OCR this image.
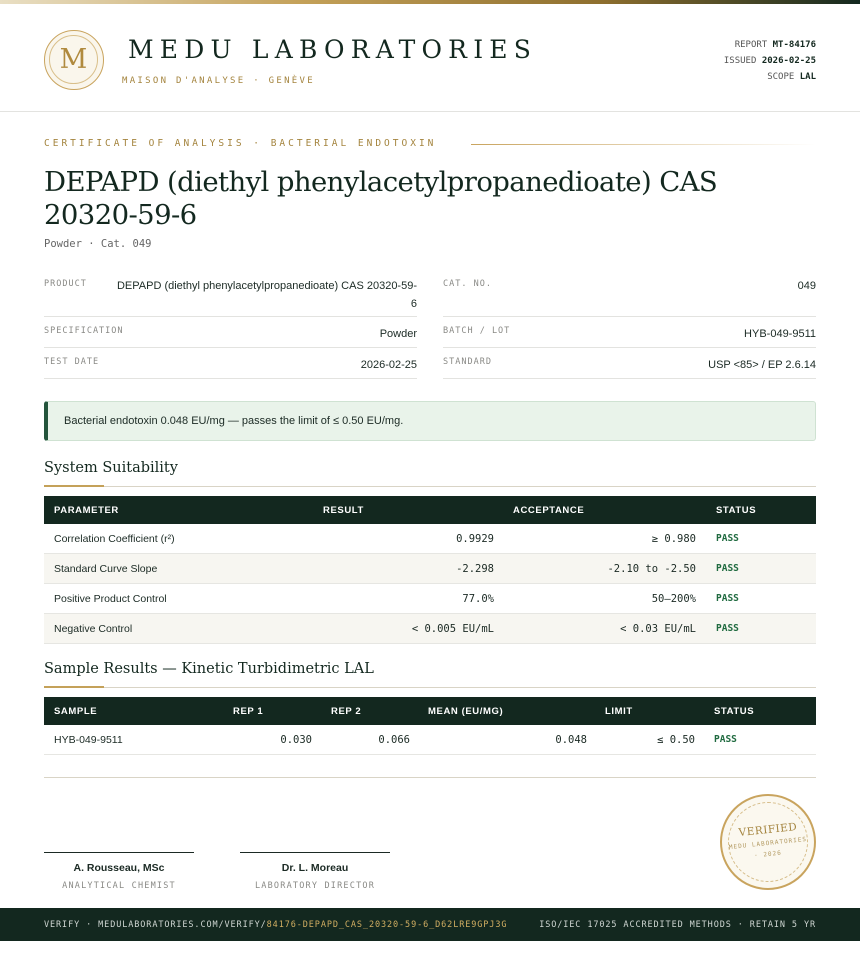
M	MEDU LABORATORIES
MAISON D'ANALYSE · GENÈVE
REPORT MT-84176
ISSUED 2026-02-25
SCOPE LAL
CERTIFICATE OF ANALYSIS · BACTERIAL ENDOTOXIN
DEPAPD (diethyl phenylacetylpropanedioate) CAS 20320-59-6
Powder · Cat. 049
PRODUCT	DEPAPD (diethyl phenylacetylpropanedioate) CAS 20320-59-6
CAT. NO.	049
SPECIFICATION	Powder	BATCH / LOT	HYB-049-9511
TEST DATE	2026-02-25	STANDARD	USP <85> / EP 2.6.14
Bacterial endotoxin 0.048 EU/mg — passes the limit of ≤ 0.50 EU/mg.
System Suitability
PARAMETER	RESULT	ACCEPTANCE	STATUS
Correlation Coefficient (r²)	0.9929	≥ 0.980 PASS
Standard Curve Slope	-2.298	-2.10 to -2.50 PASS
Positive Product Control	77.0%	50–200% PASS
Negative Control	< 0.005 EU/mL	< 0.03 EU/mL PASS
Sample Results — Kinetic Turbidimetric LAL
SAMPLE	REP 1	REP 2	MEAN (EU/MG)	LIMIT	STATUS
HYB-049-9511	0.030	0.066	0.048	≤ 0.50 PASS
A. Rousseau, MSc
ANALYTICAL CHEMIST
Dr. L. Moreau
LABORATORY DIRECTOR
VERIFIED
MEDU LABORATORIES
· 2026
VERIFY · MEDULABORATORIES.COM/VERIFY/84176-DEPAPD_CAS_20320-59-6_D62LRE9GPJ3G	ISO/IEC 17025 ACCREDITED METHODS · RETAIN 5 YR
